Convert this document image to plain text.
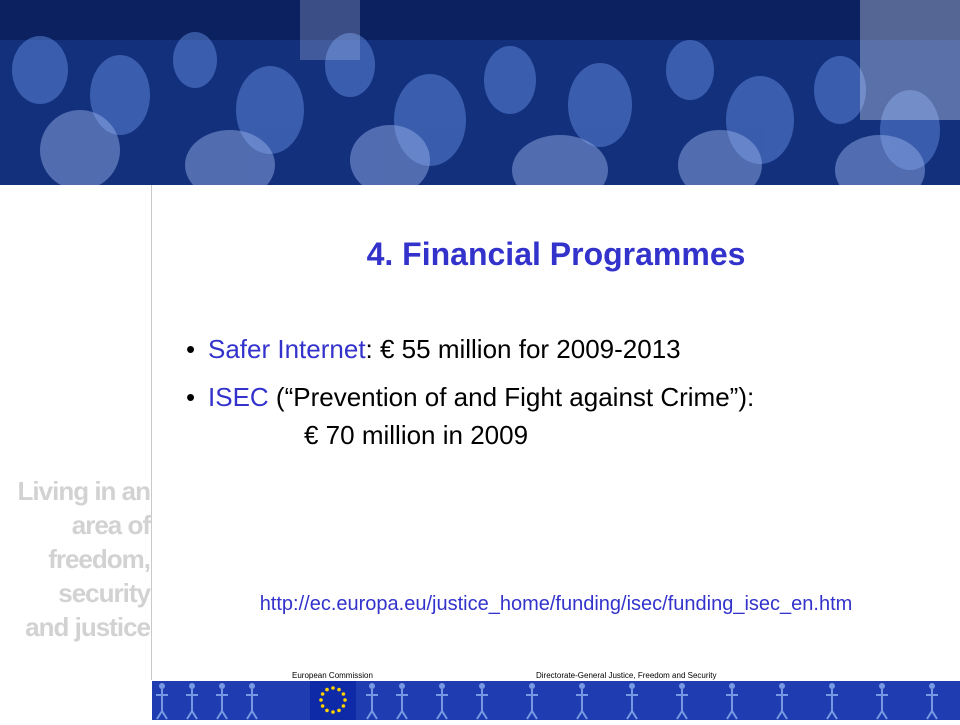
Living in an
area of
freedom,
security
and justice
4. Financial Programmes
• Safer Internet: € 55 million for 2009-2013
• ISEC (“Prevention of and Fight against Crime”):
€ 70 million in 2009
http://ec.europa.eu/justice_home/funding/isec/funding_isec_en.htm
European Commission	Directorate-General Justice, Freedom and Security
